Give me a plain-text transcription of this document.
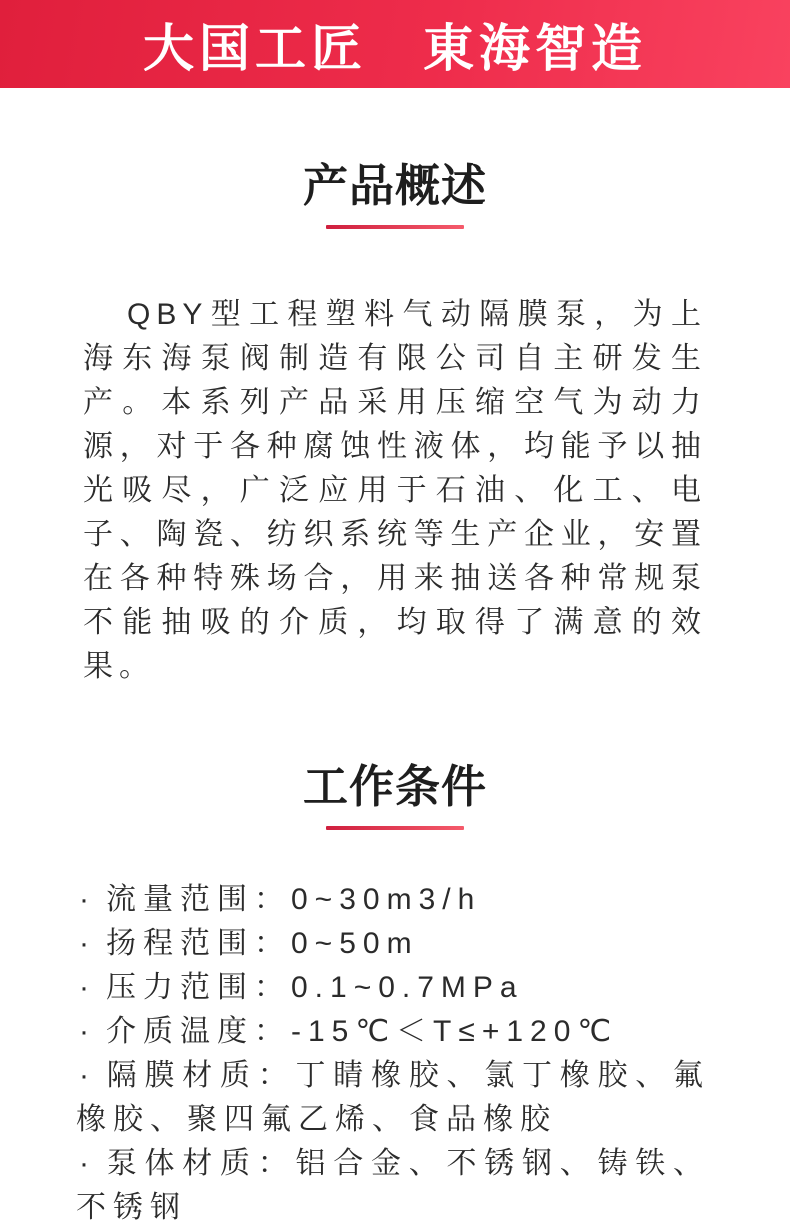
大国工匠　東海智造
产品概述

QBY型工程塑料气动隔膜泵，为上海东海泵阀制造有限公司自主研发生产。本系列产品采用压缩空气为动力源，对于各种腐蚀性液体，均能予以抽光吸尽，广泛应用于石油、化工、电子、陶瓷、纺织系统等生产企业，安置在各种特殊场合，用来抽送各种常规泵不能抽吸的介质，均取得了满意的效果。

工作条件
· 流量范围：0~30m3/h
· 扬程范围：0~50m
· 压力范围：0.1~0.7MPa
· 介质温度：-15℃＜T≤+120℃
· 隔膜材质：丁睛橡胶、氯丁橡胶、氟橡胶、聚四氟乙烯、食品橡胶
· 泵体材质：铝合金、不锈钢、铸铁、不锈钢
